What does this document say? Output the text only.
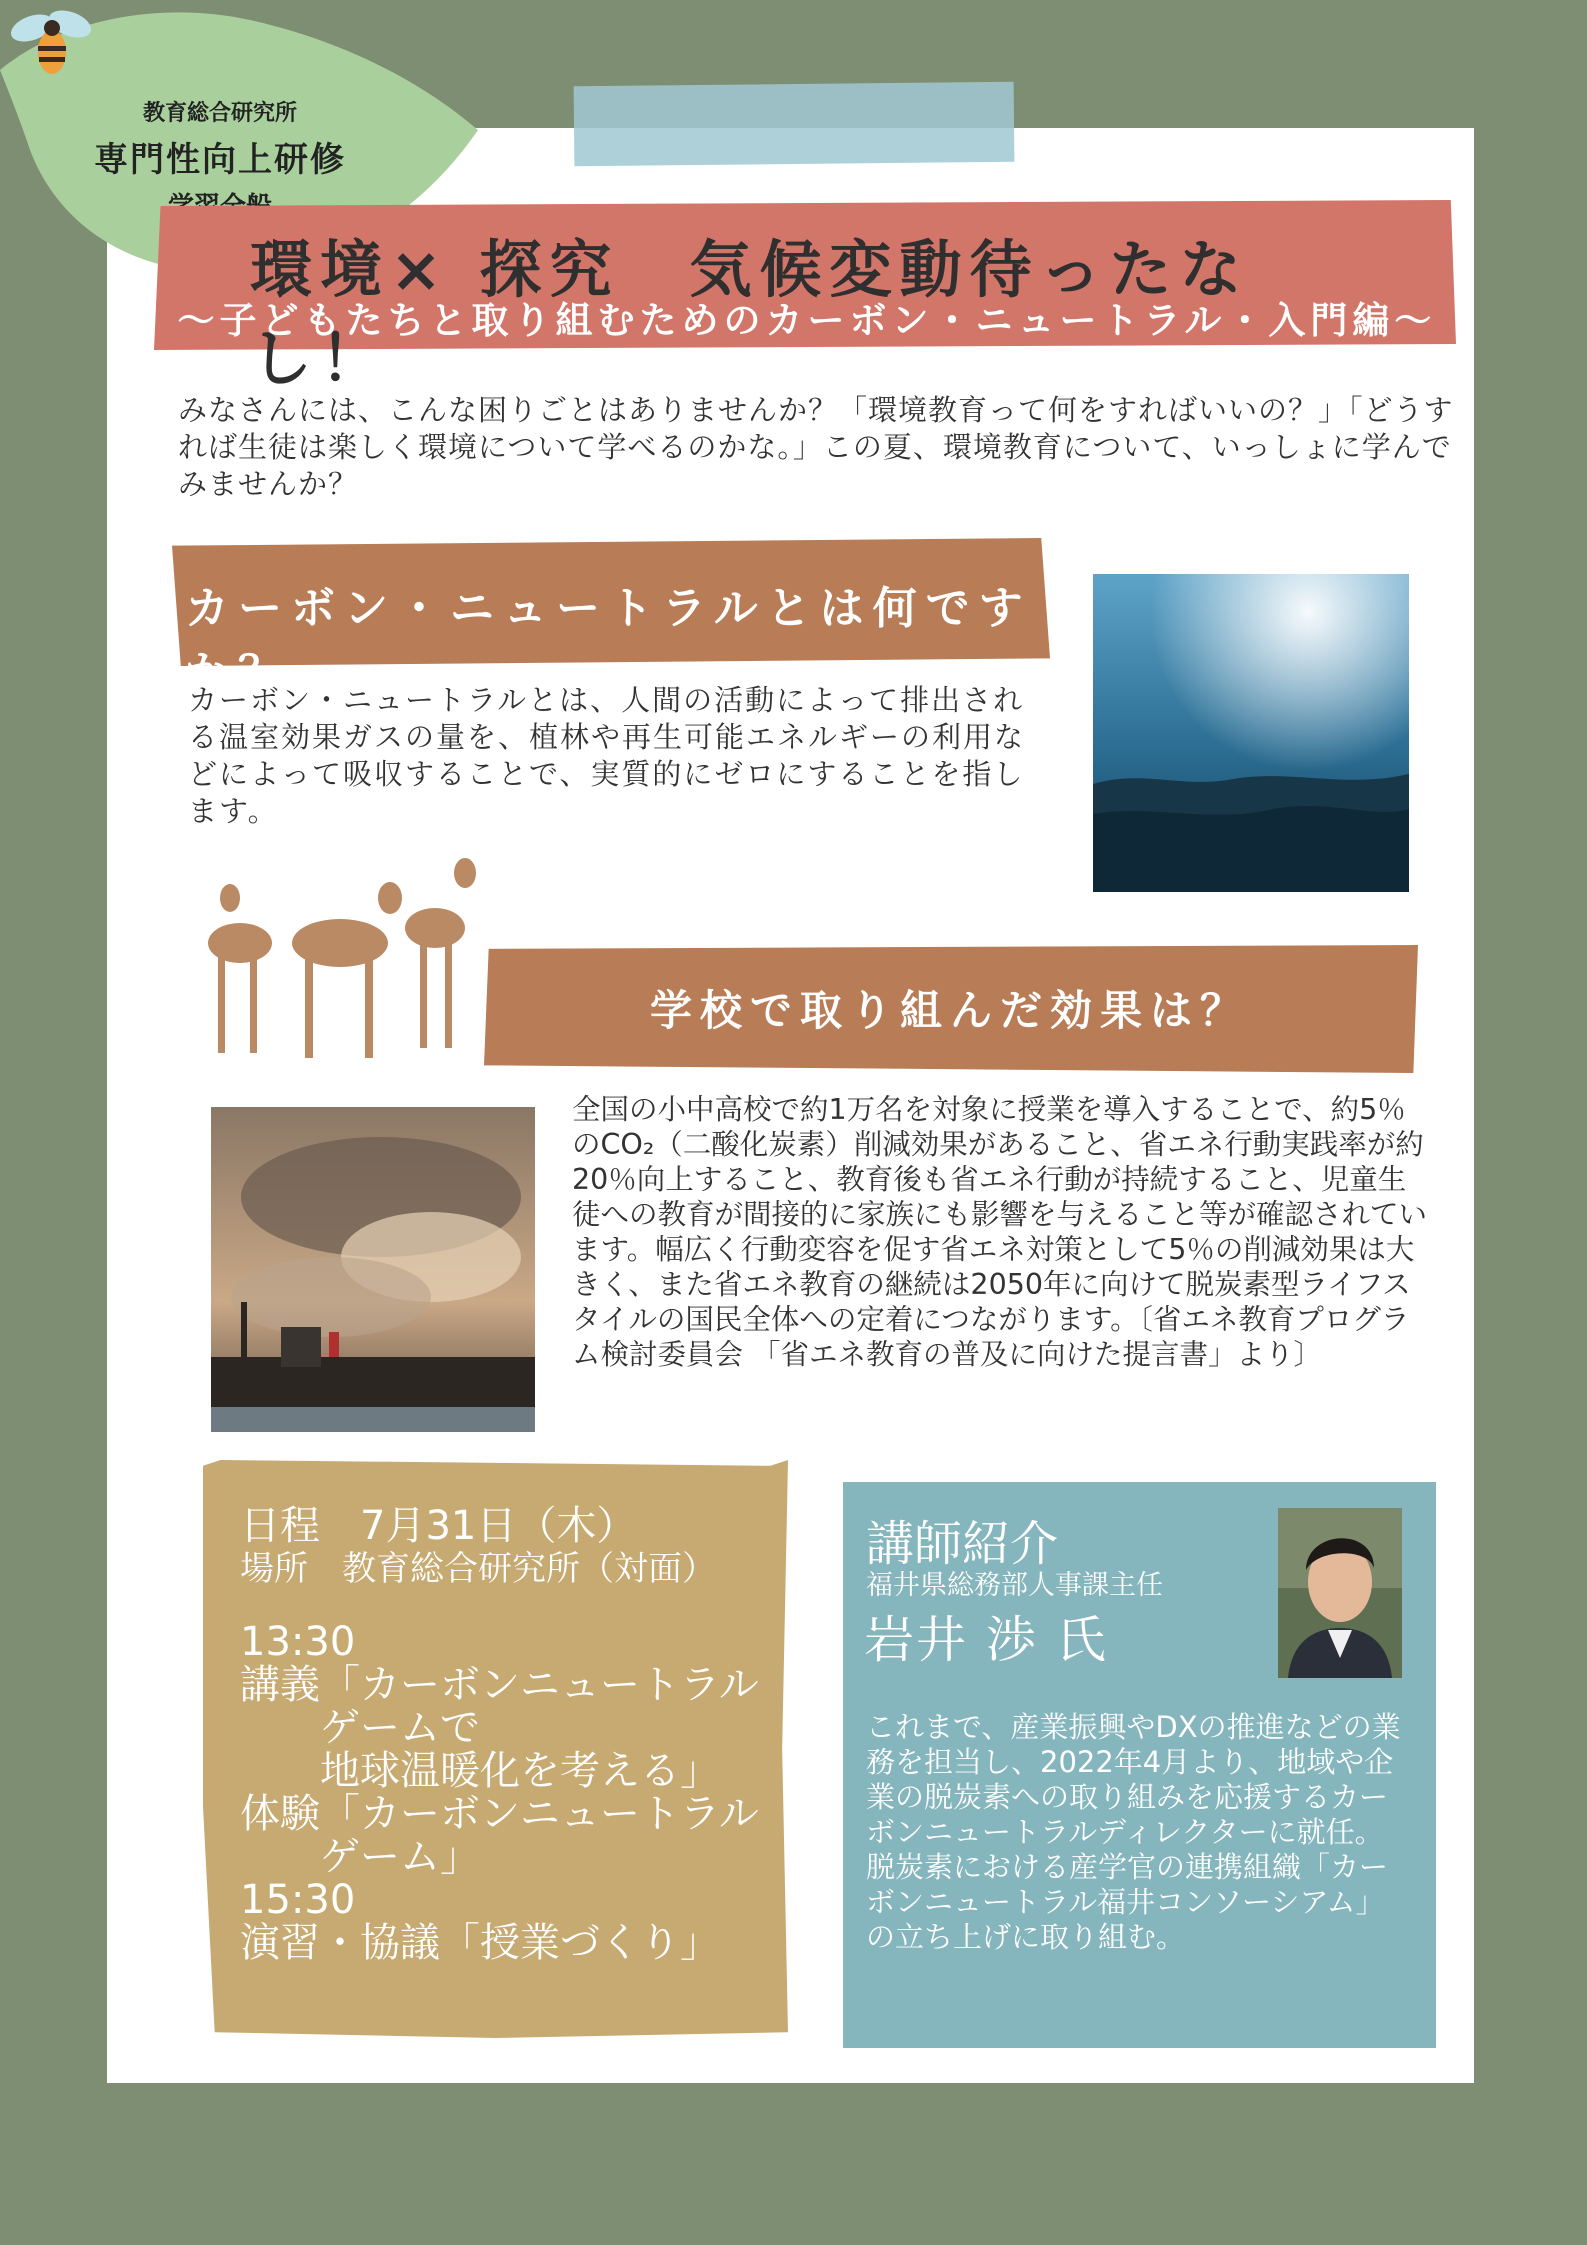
教育総合研究所
専門性向上研修
環境× 探究　気候変動待ったなし！
～子どもたちと取り組むためのカーボン・ニュートラル・入門編～
みなさんには、こんな困りごとはありませんか？「環境教育って何をすればいいの？」「どうすれば生徒は楽しく環境について学べるのかな。」この夏、環境教育について、いっしょに学んでみませんか？
カーボン・ニュートラルとは何ですか？
カーボン・ニュートラルとは、人間の活動によって排出される温室効果ガスの量を、植林や再生可能エネルギーの利用などによって吸収することで、実質的にゼロにすることを指します。
学校で取り組んだ効果は？
全国の小中高校で約1万名を対象に授業を導入することで、約5％のCO₂（二酸化炭素）削減効果があること、省エネ行動実践率が約20％向上すること、教育後も省エネ行動が持続すること、児童生徒への教育が間接的に家族にも影響を与えること等が確認されています。幅広く行動変容を促す省エネ対策として5％の削減効果は大きく、また省エネ教育の継続は2050年に向けて脱炭素型ライフスタイルの国民全体への定着につながります。〔省エネ教育プログラム検討委員会 「省エネ教育の普及に向けた提言書」より〕
日程　7月31日（木）
場所　教育総合研究所（対面）
13:30
講義「カーボンニュートラル
　　ゲームで
　　地球温暖化を考える」
体験「カーボンニュートラル
　　ゲーム」
15:30
演習・協議「授業づくり」
講師紹介
福井県総務部人事課主任
岩井 渉 氏
これまで、産業振興やDXの推進などの業務を担当し、2022年4月より、地域や企業の脱炭素への取り組みを応援するカーボンニュートラルディレクターに就任。脱炭素における産学官の連携組織「カーボンニュートラル福井コンソーシアム」の立ち上げに取り組む。
